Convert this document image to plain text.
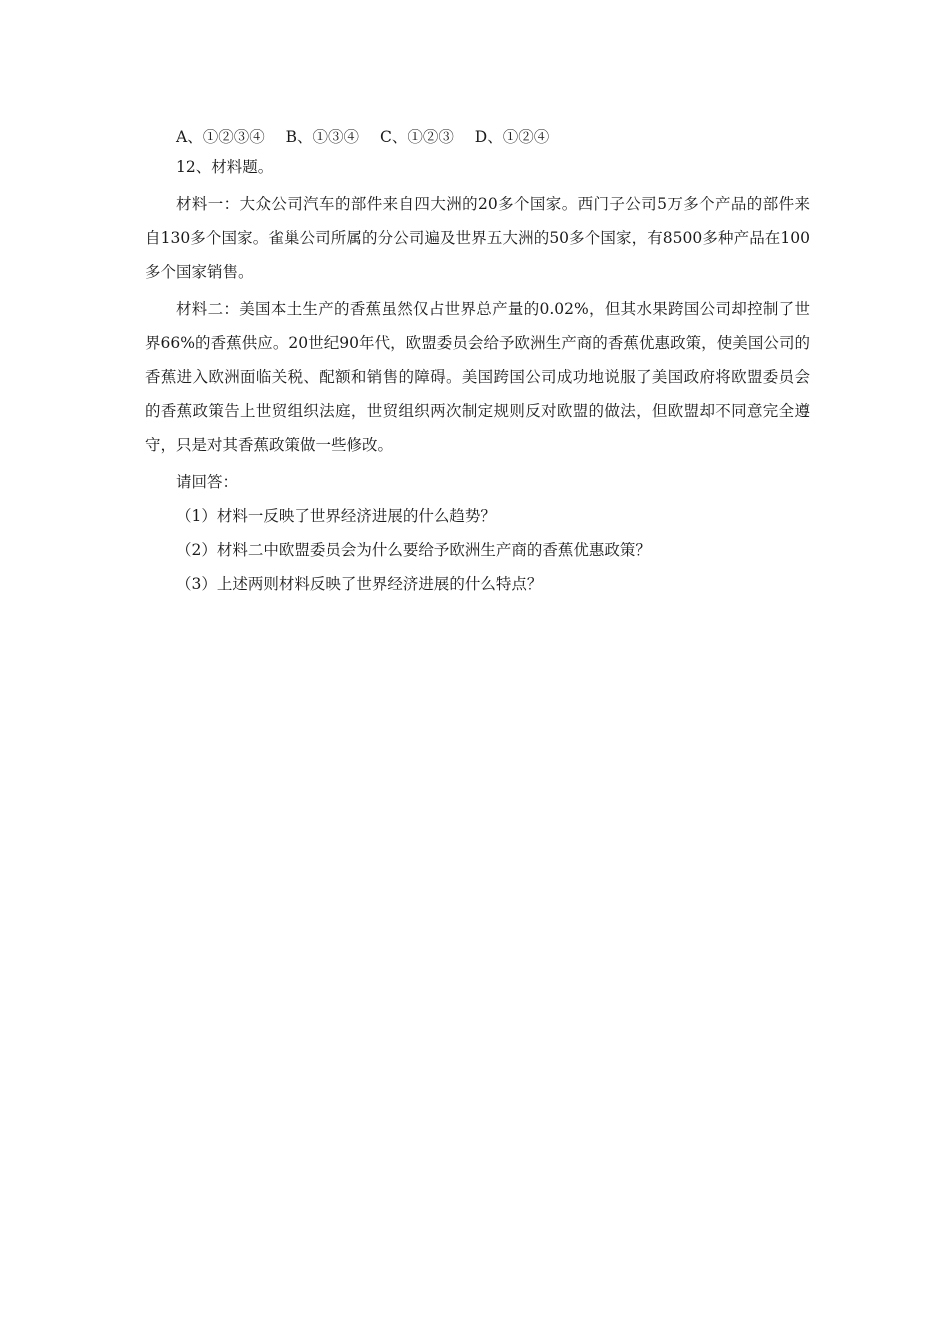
A、①②③④ B、①③④ C、①②③ D、①②④
12、材料题。

材料一：大众公司汽车的部件来自四大洲的20多个国家。西门子公司5万多个产品的部件来自130多个国家。雀巢公司所属的分公司遍及世界五大洲的50多个国家，有8500多种产品在100多个国家销售。

材料二：美国本土生产的香蕉虽然仅占世界总产量的0.02%，但其水果跨国公司却控制了世界66%的香蕉供应。20世纪90年代，欧盟委员会给予欧洲生产商的香蕉优惠政策，使美国公司的香蕉进入欧洲面临关税、配额和销售的障碍。美国跨国公司成功地说服了美国政府将欧盟委员会的香蕉政策告上世贸组织法庭，世贸组织两次制定规则反对欧盟的做法，但欧盟却不同意完全遵守，只是对其香蕉政策做一些修改。

请回答：
（1）材料一反映了世界经济进展的什么趋势？
（2）材料二中欧盟委员会为什么要给予欧洲生产商的香蕉优惠政策？
（3）上述两则材料反映了世界经济进展的什么特点？
